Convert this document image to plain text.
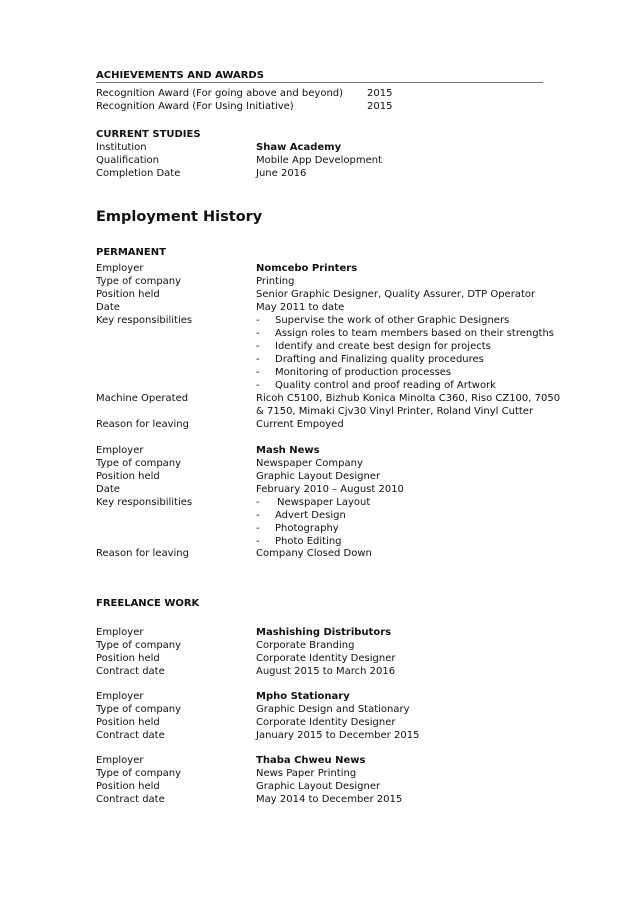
ACHIEVEMENTS AND AWARDS
Recognition Award (For going above and beyond) 2015
Recognition Award (For Using Initiative)	2015
CURRENT STUDIES
Institution	Shaw Academy
Qualification	Mobile App Development
Completion Date	June 2016
Employment History
PERMANENT
Employer	Nomcebo Printers
Type of company	Printing
Position held	Senior Graphic Designer, Quality Assurer, DTP Operator
Date	May 2011 to date
Key responsibilities	- Supervise the work of other Graphic Designers
- Assign roles to team members based on their strengths
- Identify and create best design for projects
- Drafting and Finalizing quality procedures
- Monitoring of production processes
- Quality control and proof reading of Artwork
Machine Operated	Ricoh C5100, Bizhub Konica Minolta C360, Riso CZ100, 7050
& 7150, Mimaki Cjv30 Vinyl Printer, Roland Vinyl Cutter
Reason for leaving	Current Empoyed
Employer	Mash News
Type of company	Newspaper Company
Position held	Graphic Layout Designer
Date	February 2010 – August 2010
Key responsibilities	- Newspaper Layout
- Advert Design
- Photography
- Photo Editing
Reason for leaving	Company Closed Down
FREELANCE WORK
Employer	Mashishing Distributors
Type of company	Corporate Branding
Position held	Corporate Identity Designer
Contract date	August 2015 to March 2016
Employer	Mpho Stationary
Type of company	Graphic Design and Stationary
Position held	Corporate Identity Designer
Contract date	January 2015 to December 2015
Employer	Thaba Chweu News
Type of company	News Paper Printing
Position held	Graphic Layout Designer
Contract date	May 2014 to December 2015
